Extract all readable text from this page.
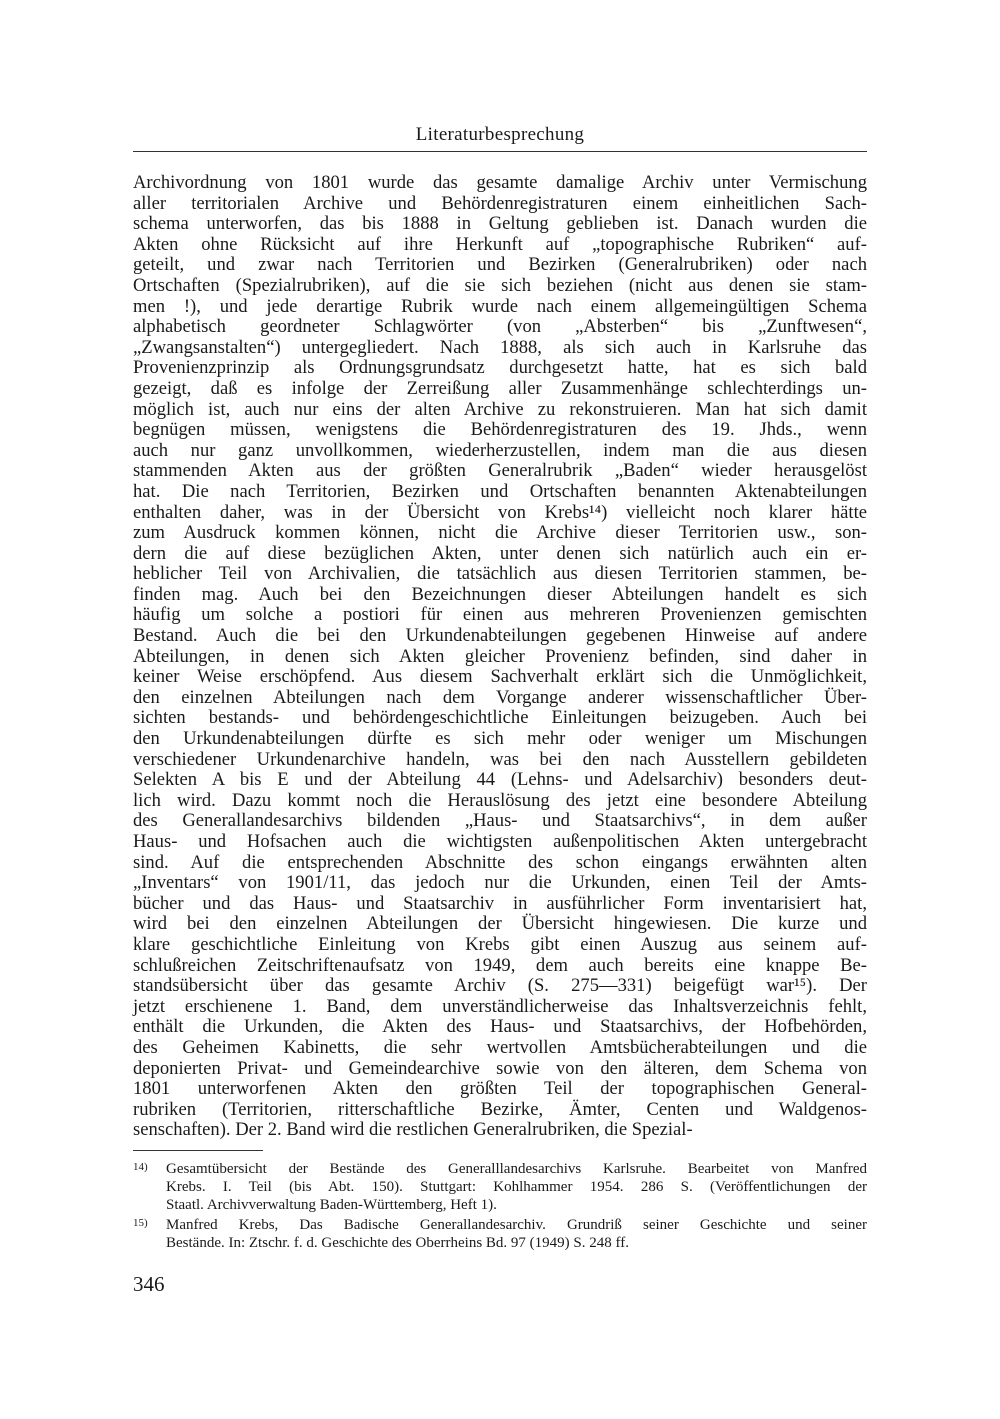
Literaturbesprechung
Archivordnung von 1801 wurde das gesamte damalige Archiv unter Vermischung
aller territorialen Archive und Behördenregistraturen einem einheitlichen Sach-
schema unterworfen, das bis 1888 in Geltung geblieben ist. Danach wurden die
Akten ohne Rücksicht auf ihre Herkunft auf „topographische Rubriken“ auf-
geteilt, und zwar nach Territorien und Bezirken (Generalrubriken) oder nach
Ortschaften (Spezialrubriken), auf die sie sich beziehen (nicht aus denen sie stam-
men !), und jede derartige Rubrik wurde nach einem allgemeingültigen Schema
alphabetisch geordneter Schlagwörter (von „Absterben“ bis „Zunftwesen“,
„Zwangsanstalten“) untergegliedert. Nach 1888, als sich auch in Karlsruhe das
Provenienzprinzip als Ordnungsgrundsatz durchgesetzt hatte, hat es sich bald
gezeigt, daß es infolge der Zerreißung aller Zusammenhänge schlechterdings un-
möglich ist, auch nur eins der alten Archive zu rekonstruieren. Man hat sich damit
begnügen müssen, wenigstens die Behördenregistraturen des 19. Jhds., wenn
auch nur ganz unvollkommen, wiederherzustellen, indem man die aus diesen
stammenden Akten aus der größten Generalrubrik „Baden“ wieder herausgelöst
hat. Die nach Territorien, Bezirken und Ortschaften benannten Aktenabteilungen
enthalten daher, was in der Übersicht von Krebs¹⁴) vielleicht noch klarer hätte
zum Ausdruck kommen können, nicht die Archive dieser Territorien usw., son-
dern die auf diese bezüglichen Akten, unter denen sich natürlich auch ein er-
heblicher Teil von Archivalien, die tatsächlich aus diesen Territorien stammen, be-
finden mag. Auch bei den Bezeichnungen dieser Abteilungen handelt es sich
häufig um solche a postiori für einen aus mehreren Provenienzen gemischten
Bestand. Auch die bei den Urkundenabteilungen gegebenen Hinweise auf andere
Abteilungen, in denen sich Akten gleicher Provenienz befinden, sind daher in
keiner Weise erschöpfend. Aus diesem Sachverhalt erklärt sich die Unmöglichkeit,
den einzelnen Abteilungen nach dem Vorgange anderer wissenschaftlicher Über-
sichten bestands- und behördengeschichtliche Einleitungen beizugeben. Auch bei
den Urkundenabteilungen dürfte es sich mehr oder weniger um Mischungen
verschiedener Urkundenarchive handeln, was bei den nach Ausstellern gebildeten
Selekten A bis E und der Abteilung 44 (Lehns- und Adelsarchiv) besonders deut-
lich wird. Dazu kommt noch die Herauslösung des jetzt eine besondere Abteilung
des Generallandesarchivs bildenden „Haus- und Staatsarchivs“, in dem außer
Haus- und Hofsachen auch die wichtigsten außenpolitischen Akten untergebracht
sind. Auf die entsprechenden Abschnitte des schon eingangs erwähnten alten
„Inventars“ von 1901/11, das jedoch nur die Urkunden, einen Teil der Amts-
bücher und das Haus- und Staatsarchiv in ausführlicher Form inventarisiert hat,
wird bei den einzelnen Abteilungen der Übersicht hingewiesen. Die kurze und
klare geschichtliche Einleitung von Krebs gibt einen Auszug aus seinem auf-
schlußreichen Zeitschriftenaufsatz von 1949, dem auch bereits eine knappe Be-
standsübersicht über das gesamte Archiv (S. 275—331) beigefügt war¹⁵). Der
jetzt erschienene 1. Band, dem unverständlicherweise das Inhaltsverzeichnis fehlt,
enthält die Urkunden, die Akten des Haus- und Staatsarchivs, der Hofbehörden,
des Geheimen Kabinetts, die sehr wertvollen Amtsbücherabteilungen und die
deponierten Privat- und Gemeindearchive sowie von den älteren, dem Schema von
1801 unterworfenen Akten den größten Teil der topographischen General-
rubriken (Territorien, ritterschaftliche Bezirke, Ämter, Centen und Waldgenos-
senschaften). Der 2. Band wird die restlichen Generalrubriken, die Spezial-
14) Gesamtübersicht der Bestände des Generalllandesarchivs Karlsruhe. Bearbeitet von Manfred
Krebs. I. Teil (bis Abt. 150). Stuttgart: Kohlhammer 1954. 286 S. (Veröffentlichungen der
Staatl. Archivverwaltung Baden-Württemberg, Heft 1).
15) Manfred Krebs, Das Badische Generallandesarchiv. Grundriß seiner Geschichte und seiner
Bestände. In: Ztschr. f. d. Geschichte des Oberrheins Bd. 97 (1949) S. 248 ff.
346
